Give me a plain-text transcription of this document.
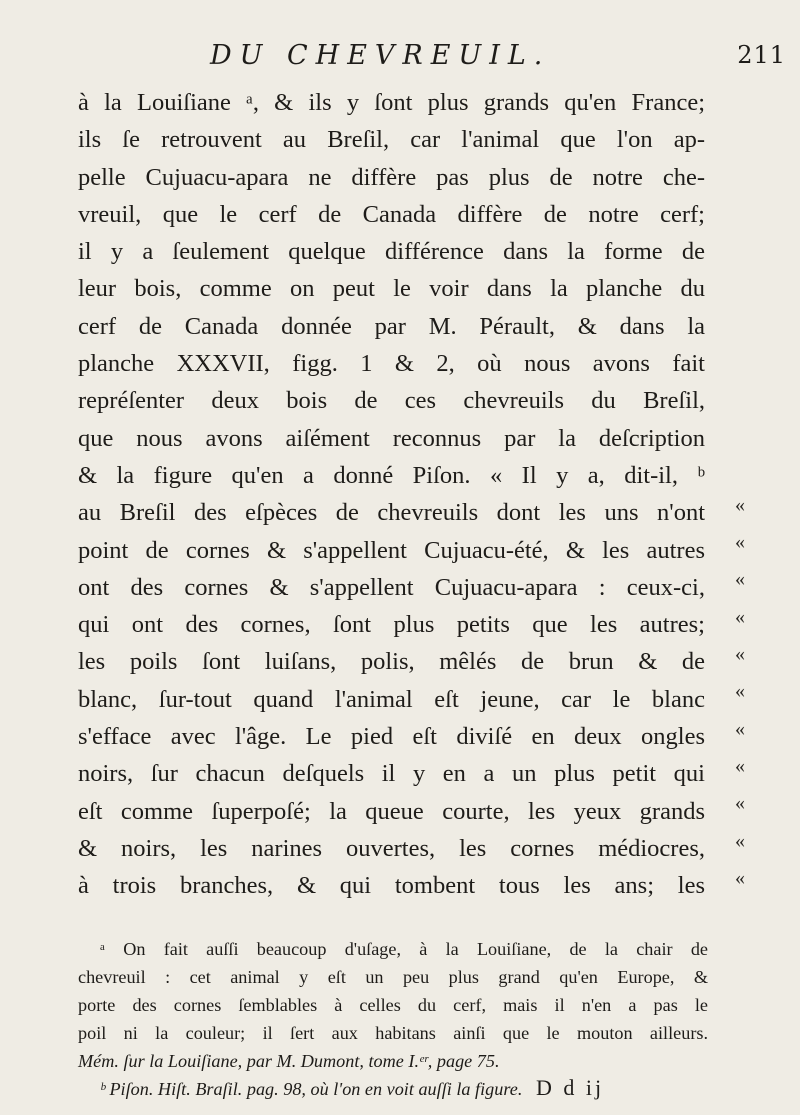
DU CHEVREUIL.	211
à la Louiſiane ᵃ, & ils y ſont plus grands qu'en France;
ils ſe retrouvent au Breſil, car l'animal que l'on ap-
pelle Cujuacu-apara ne diffère pas plus de notre che-
vreuil, que le cerf de Canada diffère de notre cerf;
il y a ſeulement quelque différence dans la forme de
leur bois, comme on peut le voir dans la planche du
cerf de Canada donnée par M. Pérault, & dans la
planche XXXVII, figg. 1 & 2, où nous avons fait
repréſenter deux bois de ces chevreuils du Breſil,
que nous avons aiſément reconnus par la deſcription
& la figure qu'en a donné Piſon. « Il y a, dit-il, ᵇ
au Breſil des eſpèces de chevreuils dont les uns n'ont
point de cornes & s'appellent Cujuacu-été, & les autres
ont des cornes & s'appellent Cujuacu-apara : ceux-ci,
qui ont des cornes, ſont plus petits que les autres;
les poils ſont luiſans, polis, mêlés de brun & de
blanc, ſur-tout quand l'animal eſt jeune, car le blanc
s'efface avec l'âge. Le pied eſt diviſé en deux ongles
noirs, ſur chacun deſquels il y en a un plus petit qui
eſt comme ſuperpoſé; la queue courte, les yeux grands
& noirs, les narines ouvertes, les cornes médiocres,
à trois branches, & qui tombent tous les ans; les
«
«
«
«
«
«
«
«
«
«
«
ᵃ On fait auſſi beaucoup d'uſage, à la Louiſiane, de la chair de
chevreuil : cet animal y eſt un peu plus grand qu'en Europe, &
porte des cornes ſemblables à celles du cerf, mais il n'en a pas le
poil ni la couleur; il ſert aux habitans ainſi que le mouton ailleurs.
Mém. ſur la Louiſiane, par M. Dumont, tome I.ᵉʳ, page 75.
ᵇ Piſon. Hiſt. Braſil. pag. 98, où l'on en voit auſſi la figure. D d ij
